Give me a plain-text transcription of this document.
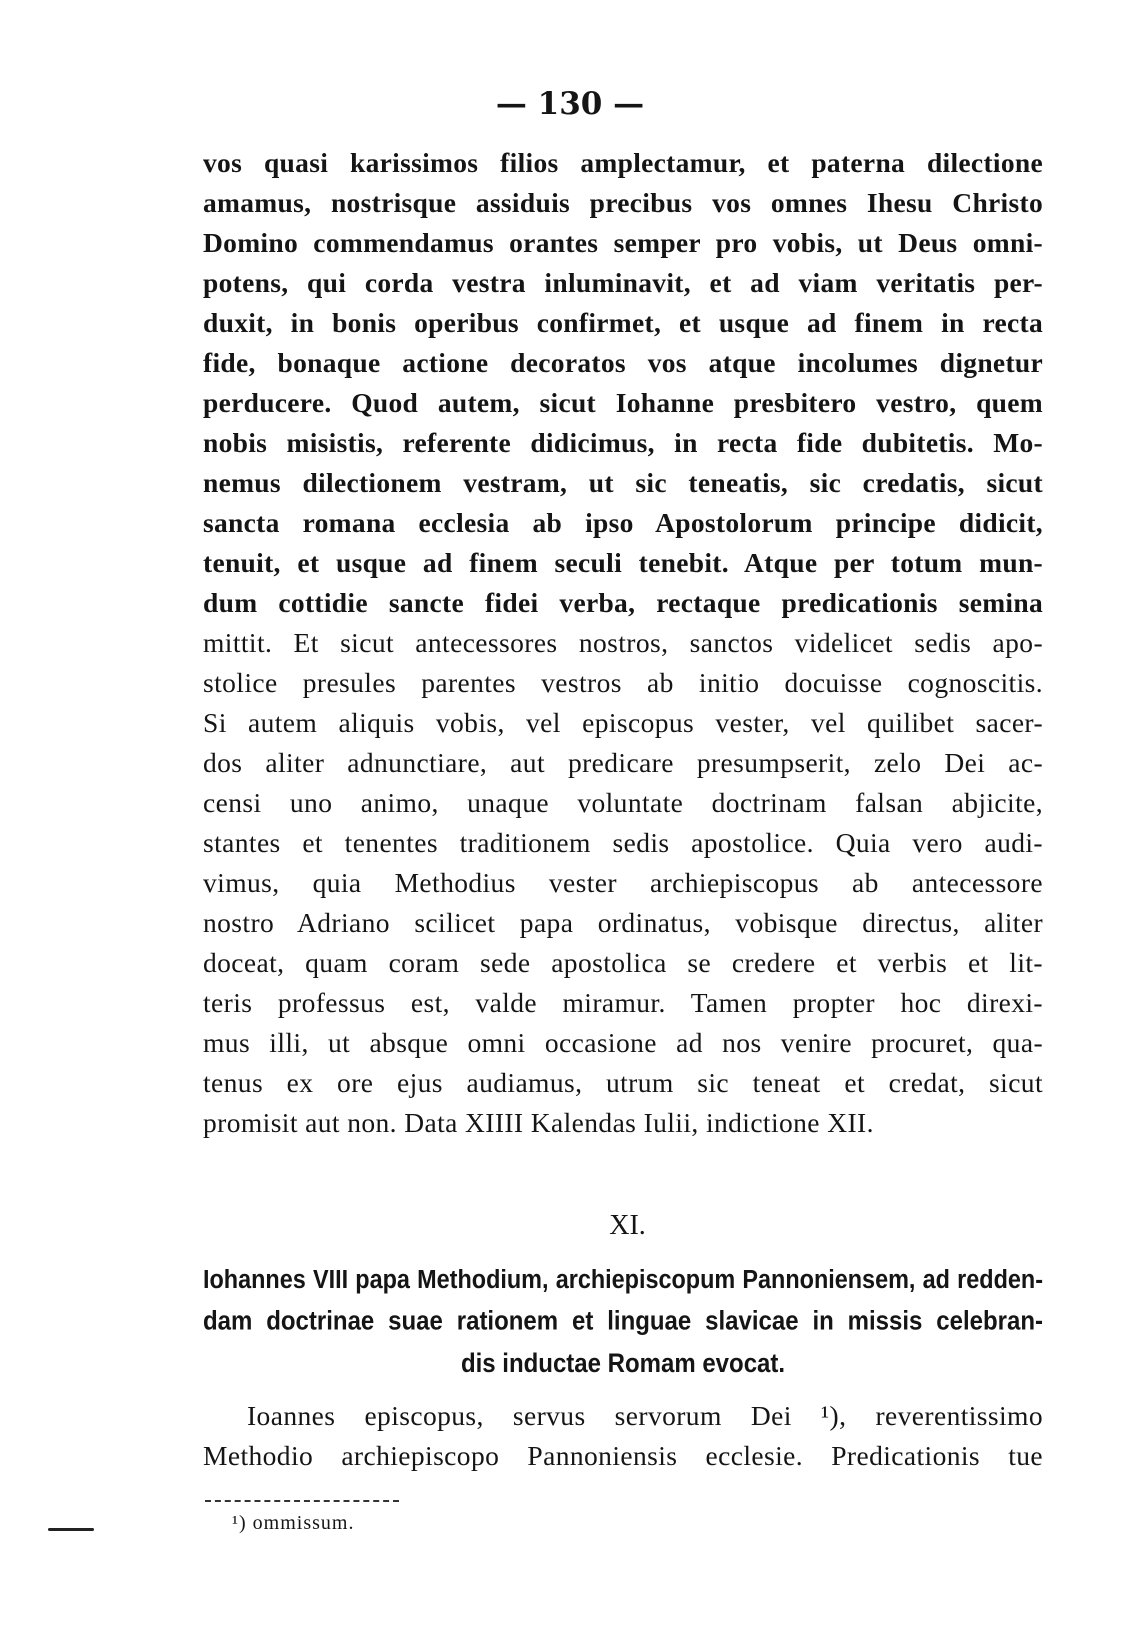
— 130 —
vos quasi karissimos filios amplectamur, et paterna dilectione
amamus, nostrisque assiduis precibus vos omnes Ihesu Christo
Domino commendamus orantes semper pro vobis, ut Deus omni-
potens, qui corda vestra inluminavit, et ad viam veritatis per-
duxit, in bonis operibus confirmet, et usque ad finem in recta
fide, bonaque actione decoratos vos atque incolumes dignetur
perducere. Quod autem, sicut Iohanne presbitero vestro, quem
nobis misistis, referente didicimus, in recta fide dubitetis. Mo-
nemus dilectionem vestram, ut sic teneatis, sic credatis, sicut
sancta romana ecclesia ab ipso Apostolorum principe didicit,
tenuit, et usque ad finem seculi tenebit. Atque per totum mun-
dum cottidie sancte fidei verba, rectaque predicationis semina
mittit. Et sicut antecessores nostros, sanctos videlicet sedis apo-
stolice presules parentes vestros ab initio docuisse cognoscitis.
Si autem aliquis vobis, vel episcopus vester, vel quilibet sacer-
dos aliter adnunctiare, aut predicare presumpserit, zelo Dei ac-
censi uno animo, unaque voluntate doctrinam falsan abjicite,
stantes et tenentes traditionem sedis apostolice. Quia vero audi-
vimus, quia Methodius vester archiepiscopus ab antecessore
nostro Adriano scilicet papa ordinatus, vobisque directus, aliter
doceat, quam coram sede apostolica se credere et verbis et lit-
teris professus est, valde miramur. Tamen propter hoc direxi-
mus illi, ut absque omni occasione ad nos venire procuret, qua-
tenus ex ore ejus audiamus, utrum sic teneat et credat, sicut
promisit aut non. Data XIIII Kalendas Iulii, indictione XII.
XI.
Iohannes VIII papa Methodium, archiepiscopum Pannoniensem, ad redden-
dam doctrinae suae rationem et linguae slavicae in missis celebran-
dis inductae Romam evocat.
Ioannes episcopus, servus servorum Dei ¹), reverentissimo
Methodio archiepiscopo Pannoniensis ecclesie. Predicationis tue
¹) ommissum.
